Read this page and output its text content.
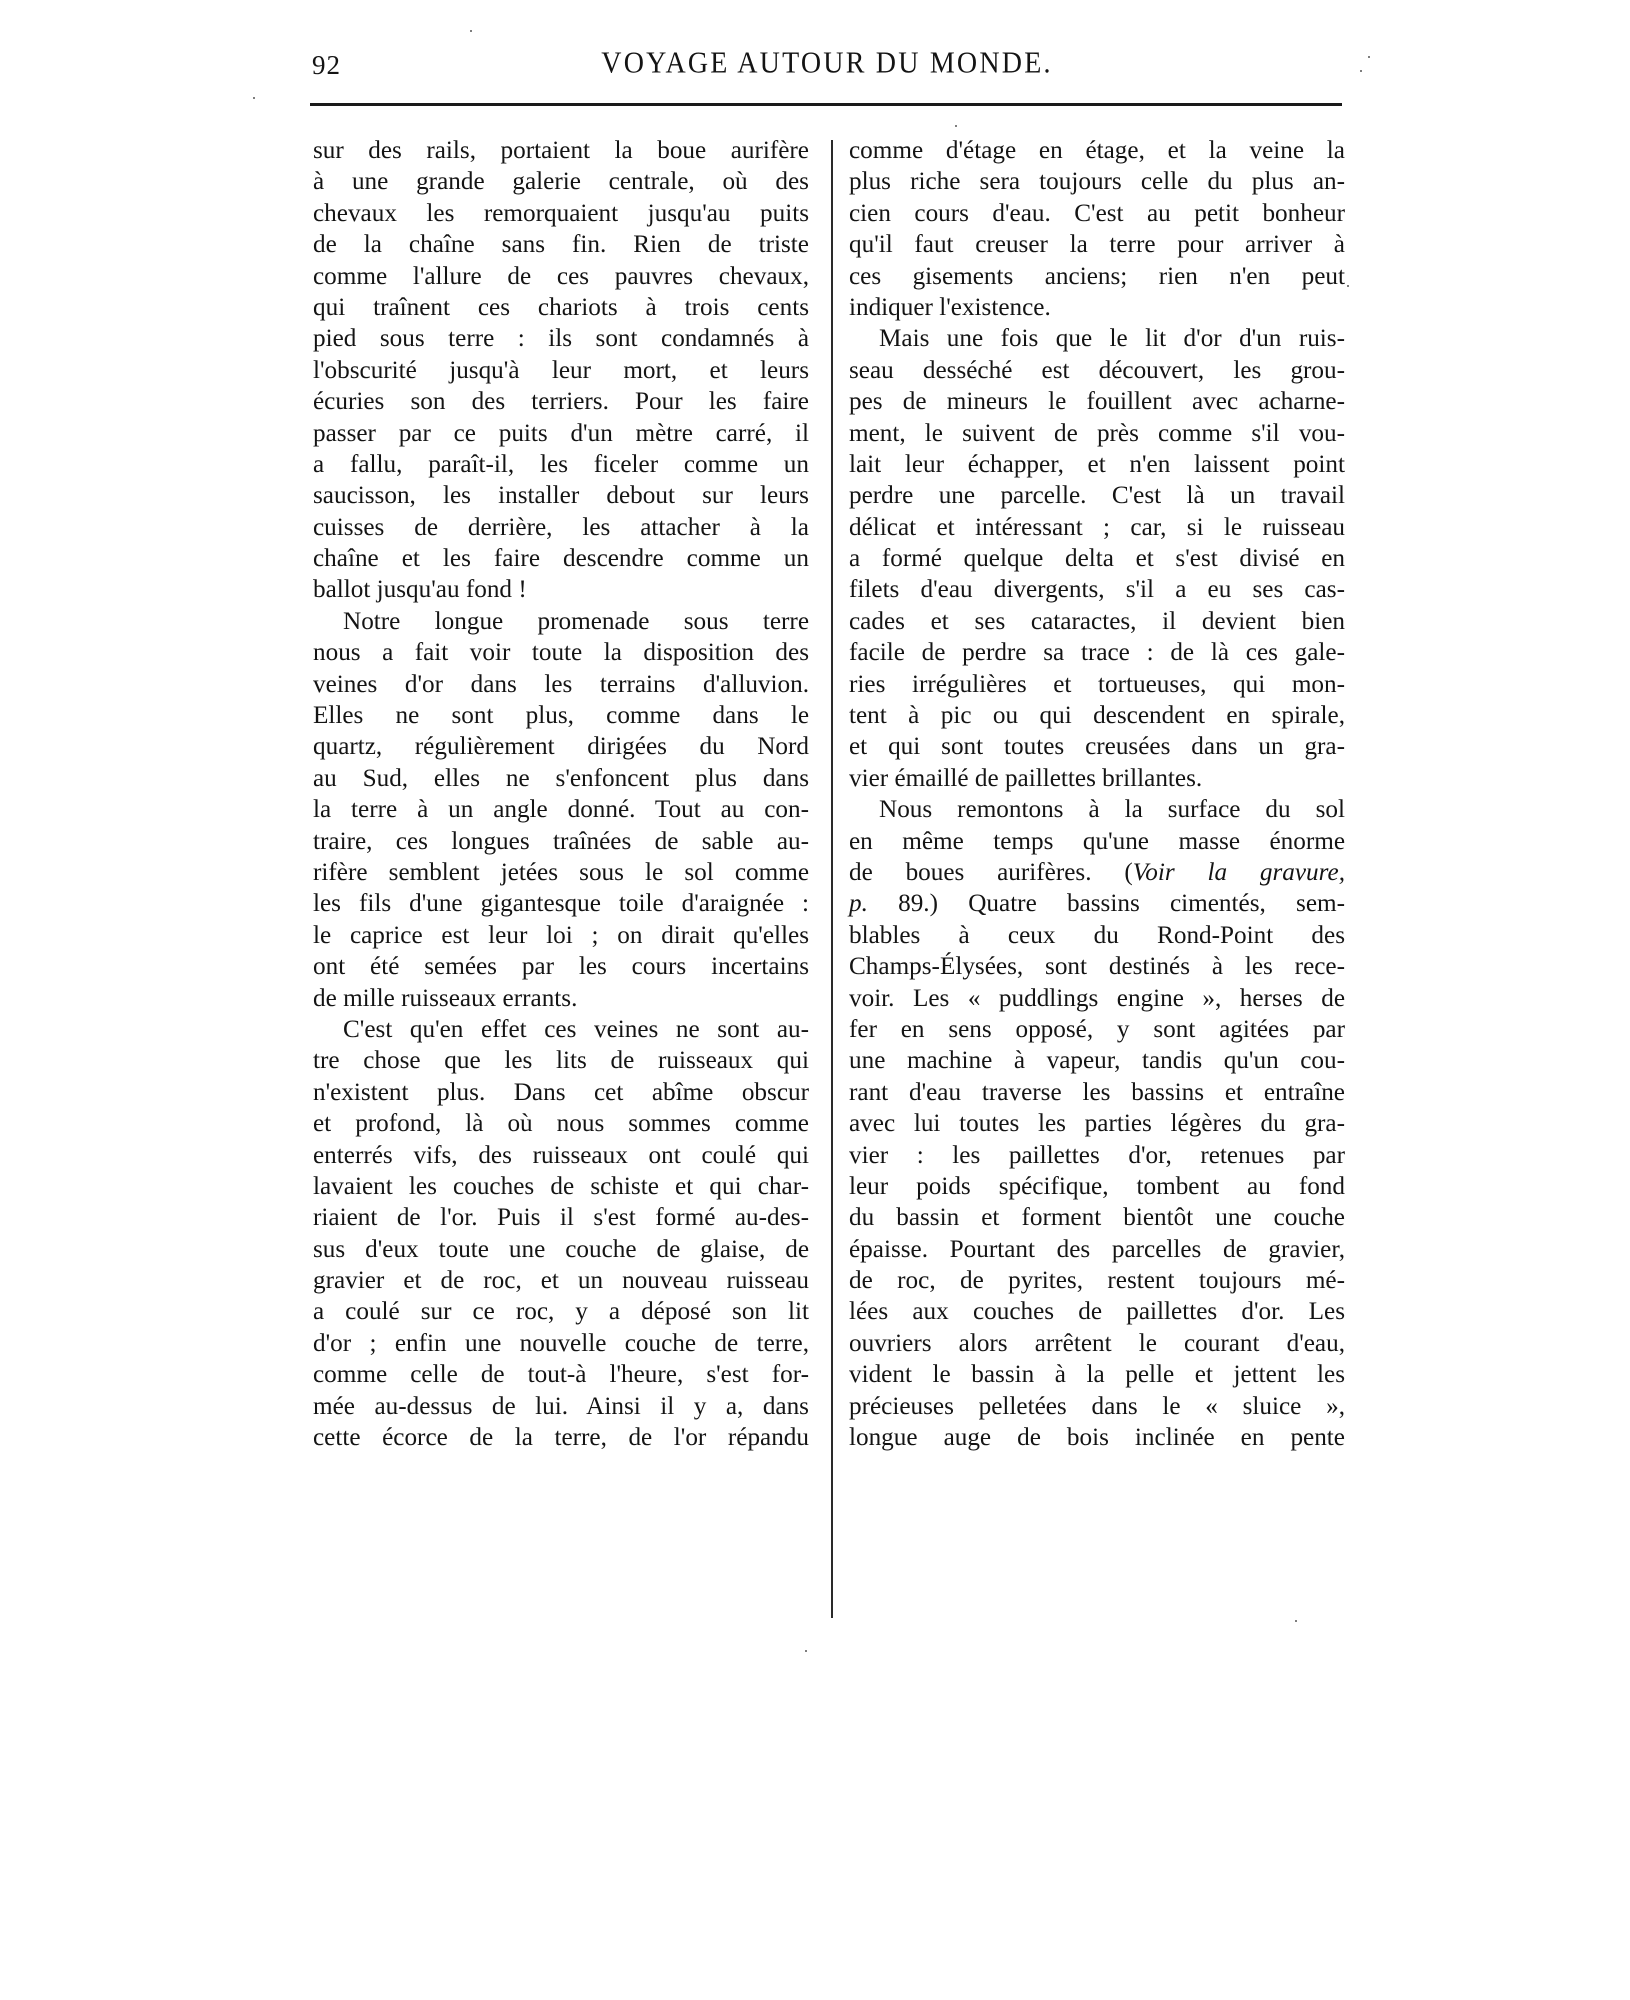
92	VOYAGE AUTOUR DU MONDE.
sur des rails, portaient la boue aurifère
à une grande galerie centrale, où des
chevaux les remorquaient jusqu'au puits
de la chaîne sans fin. Rien de triste
comme l'allure de ces pauvres chevaux,
qui traînent ces chariots à trois cents
pied sous terre : ils sont condamnés à
l'obscurité jusqu'à leur mort, et leurs
écuries son des terriers. Pour les faire
passer par ce puits d'un mètre carré, il
a fallu, paraît-il, les ficeler comme un
saucisson, les installer debout sur leurs
cuisses de derrière, les attacher à la
chaîne et les faire descendre comme un
ballot jusqu'au fond !
Notre longue promenade sous terre
nous a fait voir toute la disposition des
veines d'or dans les terrains d'alluvion.
Elles ne sont plus, comme dans le
quartz, régulièrement dirigées du Nord
au Sud, elles ne s'enfoncent plus dans
la terre à un angle donné. Tout au con-
traire, ces longues traînées de sable au-
rifère semblent jetées sous le sol comme
les fils d'une gigantesque toile d'araignée :
le caprice est leur loi ; on dirait qu'elles
ont été semées par les cours incertains
de mille ruisseaux errants.
C'est qu'en effet ces veines ne sont au-
tre chose que les lits de ruisseaux qui
n'existent plus. Dans cet abîme obscur
et profond, là où nous sommes comme
enterrés vifs, des ruisseaux ont coulé qui
lavaient les couches de schiste et qui char-
riaient de l'or. Puis il s'est formé au-des-
sus d'eux toute une couche de glaise, de
gravier et de roc, et un nouveau ruisseau
a coulé sur ce roc, y a déposé son lit
d'or ; enfin une nouvelle couche de terre,
comme celle de tout-à l'heure, s'est for-
mée au-dessus de lui. Ainsi il y a, dans
cette écorce de la terre, de l'or répandu
comme d'étage en étage, et la veine la
plus riche sera toujours celle du plus an-
cien cours d'eau. C'est au petit bonheur
qu'il faut creuser la terre pour arriver à
ces gisements anciens; rien n'en peut
indiquer l'existence.
Mais une fois que le lit d'or d'un ruis-
seau desséché est découvert, les grou-
pes de mineurs le fouillent avec acharne-
ment, le suivent de près comme s'il vou-
lait leur échapper, et n'en laissent point
perdre une parcelle. C'est là un travail
délicat et intéressant ; car, si le ruisseau
a formé quelque delta et s'est divisé en
filets d'eau divergents, s'il a eu ses cas-
cades et ses cataractes, il devient bien
facile de perdre sa trace : de là ces gale-
ries irrégulières et tortueuses, qui mon-
tent à pic ou qui descendent en spirale,
et qui sont toutes creusées dans un gra-
vier émaillé de paillettes brillantes.
Nous remontons à la surface du sol
en même temps qu'une masse énorme
de boues aurifères. (Voir la gravure,
p. 89.) Quatre bassins cimentés, sem-
blables à ceux du Rond-Point des
Champs-Élysées, sont destinés à les rece-
voir. Les « puddlings engine », herses de
fer en sens opposé, y sont agitées par
une machine à vapeur, tandis qu'un cou-
rant d'eau traverse les bassins et entraîne
avec lui toutes les parties légères du gra-
vier : les paillettes d'or, retenues par
leur poids spécifique, tombent au fond
du bassin et forment bientôt une couche
épaisse. Pourtant des parcelles de gravier,
de roc, de pyrites, restent toujours mé-
lées aux couches de paillettes d'or. Les
ouvriers alors arrêtent le courant d'eau,
vident le bassin à la pelle et jettent les
précieuses pelletées dans le « sluice »,
longue auge de bois inclinée en pente
